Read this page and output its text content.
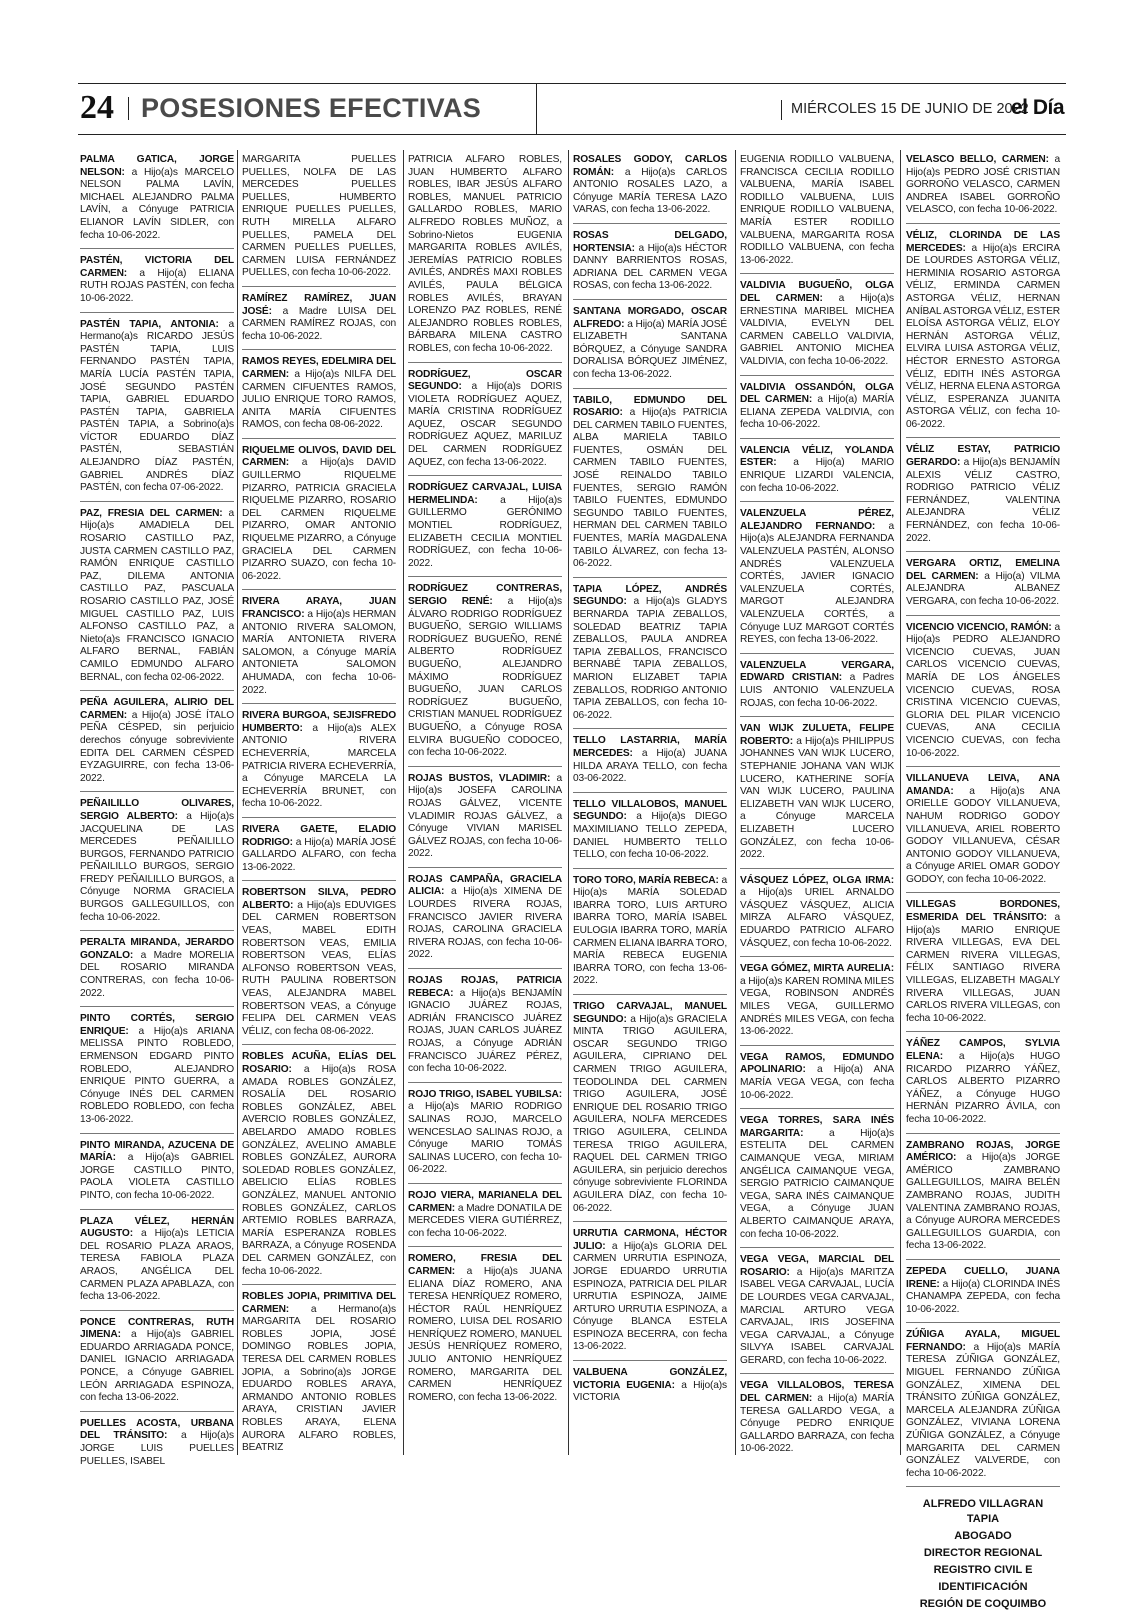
24 POSESIONES EFECTIVAS	MIÉRCOLES 15 DE JUNIO DE 2022
el Día
PALMA GATICA, JORGE NELSON: a Hijo(a)s MARCELO NELSON PALMA LAVÍN, MICHAEL ALEJANDRO PALMA LAVÍN, a Cónyuge PATRICIA ELIANOR LAVÍN SIDLER, con fecha 10-06-2022.
PASTÉN, VICTORIA DEL CARMEN: a Hijo(a) ELIANA RUTH ROJAS PASTÉN, con fecha 10-06-2022.
PASTÉN TAPIA, ANTONIA: a Hermano(a)s RICARDO JESÚS PASTÉN TAPIA, LUIS FERNANDO PASTÉN TAPIA, MARÍA LUCÍA PASTÉN TAPIA, JOSÉ SEGUNDO PASTÉN TAPIA, GABRIEL EDUARDO PASTÉN TAPIA, GABRIELA PASTÉN TAPIA, a Sobrino(a)s VÍCTOR EDUARDO DÍAZ PASTÉN, SEBASTIÁN ALEJANDRO DÍAZ PASTÉN, GABRIEL ANDRÉS DÍAZ PASTÉN, con fecha 07-06-2022.
PAZ, FRESIA DEL CARMEN: a Hijo(a)s AMADIELA DEL ROSARIO CASTILLO PAZ, JUSTA CARMEN CASTILLO PAZ, RAMÓN ENRIQUE CASTILLO PAZ, DILEMA ANTONIA CASTILLO PAZ, PASCUALA ROSARIO CASTILLO PAZ, JOSÉ MIGUEL CASTILLO PAZ, LUIS ALFONSO CASTILLO PAZ, a Nieto(a)s FRANCISCO IGNACIO ALFARO BERNAL, FABIÁN CAMILO EDMUNDO ALFARO BERNAL, con fecha 02-06-2022.
PEÑA AGUILERA, ALIRIO DEL CARMEN: a Hijo(a) JOSÉ ÍTALO PEÑA CÉSPED, sin perjuicio derechos cónyuge sobreviviente EDITA DEL CARMEN CÉSPED EYZAGUIRRE, con fecha 13-06-2022.
PEÑAILILLO OLIVARES, SERGIO ALBERTO: a Hijo(a)s JACQUELINA DE LAS MERCEDES PEÑAILILLO BURGOS, FERNANDO PATRICIO PEÑAILILLO BURGOS, SERGIO FREDY PEÑAILILLO BURGOS, a Cónyuge NORMA GRACIELA BURGOS GALLEGUILLOS, con fecha 10-06-2022.
PERALTA MIRANDA, JERARDO GONZALO: a Madre MORELIA DEL ROSARIO MIRANDA CONTRERAS, con fecha 10-06-2022.
PINTO CORTÉS, SERGIO ENRIQUE: a Hijo(a)s ARIANA MELISSA PINTO ROBLEDO, ERMENSON EDGARD PINTO ROBLEDO, ALEJANDRO ENRIQUE PINTO GUERRA, a Cónyuge INÉS DEL CARMEN ROBLEDO ROBLEDO, con fecha 13-06-2022.
PINTO MIRANDA, AZUCENA DE MARÍA: a Hijo(a)s GABRIEL JORGE CASTILLO PINTO, PAOLA VIOLETA CASTILLO PINTO, con fecha 10-06-2022.
PLAZA VÉLEZ, HERNÁN AUGUSTO: a Hijo(a)s LETICIA DEL ROSARIO PLAZA ARAOS, TERESA FABIOLA PLAZA ARAOS, ANGÉLICA DEL CARMEN PLAZA APABLAZA, con fecha 13-06-2022.
PONCE CONTRERAS, RUTH JIMENA: a Hijo(a)s GABRIEL EDUARDO ARRIAGADA PONCE, DANIEL IGNACIO ARRIAGADA PONCE, a Cónyuge GABRIEL LEÓN ARRIAGADA ESPINOZA, con fecha 13-06-2022.
PUELLES ACOSTA, URBANA DEL TRÁNSITO: a Hijo(a)s JORGE LUIS PUELLES PUELLES, ISABEL
MARGARITA PUELLES PUELLES, NOLFA DE LAS MERCEDES PUELLES PUELLES, HUMBERTO ENRIQUE PUELLES PUELLES, RUTH MIRELLA ALFARO PUELLES, PAMELA DEL CARMEN PUELLES PUELLES, CARMEN LUISA FERNÁNDEZ PUELLES, con fecha 10-06-2022.
RAMÍREZ RAMÍREZ, JUAN JOSÉ: a Madre LUISA DEL CARMEN RAMÍREZ ROJAS, con fecha 10-06-2022.
RAMOS REYES, EDELMIRA DEL CARMEN: a Hijo(a)s NILFA DEL CARMEN CIFUENTES RAMOS, JULIO ENRIQUE TORO RAMOS, ANITA MARÍA CIFUENTES RAMOS, con fecha 08-06-2022.
RIQUELME OLIVOS, DAVID DEL CARMEN: a Hijo(a)s DAVID GUILLERMO RIQUELME PIZARRO, PATRICIA GRACIELA RIQUELME PIZARRO, ROSARIO DEL CARMEN RIQUELME PIZARRO, OMAR ANTONIO RIQUELME PIZARRO, a Cónyuge GRACIELA DEL CARMEN PIZARRO SUAZO, con fecha 10-06-2022.
RIVERA ARAYA, JUAN FRANCISCO: a Hijo(a)s HERMAN ANTONIO RIVERA SALOMON, MARÍA ANTONIETA RIVERA SALOMON, a Cónyuge MARÍA ANTONIETA SALOMON AHUMADA, con fecha 10-06-2022.
RIVERA BURGOA, SEJISFREDO HUMBERTO: a Hijo(a)s ALEX ANTONIO RIVERA ECHEVERRÍA, MARCELA PATRICIA RIVERA ECHEVERRÍA, a Cónyuge MARCELA LA ECHEVERRÍA BRUNET, con fecha 10-06-2022.
RIVERA GAETE, ELADIO RODRIGO: a Hijo(a) MARÍA JOSÉ GALLARDO ALFARO, con fecha 13-06-2022.
ROBERTSON SILVA, PEDRO ALBERTO: a Hijo(a)s EDUVIGES DEL CARMEN ROBERTSON VEAS, MABEL EDITH ROBERTSON VEAS, EMILIA ROBERTSON VEAS, ELÍAS ALFONSO ROBERTSON VEAS, RUTH PAULINA ROBERTSON VEAS, ALEJANDRA MABEL ROBERTSON VEAS, a Cónyuge FELIPA DEL CARMEN VEAS VÉLIZ, con fecha 08-06-2022.
ROBLES ACUÑA, ELÍAS DEL ROSARIO: a Hijo(a)s ROSA AMADA ROBLES GONZÁLEZ, ROSALÍA DEL ROSARIO ROBLES GONZÁLEZ, ABEL AVERCIO ROBLES GONZÁLEZ, ABELARDO AMADO ROBLES GONZÁLEZ, AVELINO AMABLE ROBLES GONZÁLEZ, AURORA SOLEDAD ROBLES GONZÁLEZ, ABELICIO ELÍAS ROBLES GONZÁLEZ, MANUEL ANTONIO ROBLES GONZÁLEZ, CARLOS ARTEMIO ROBLES BARRAZA, MARÍA ESPERANZA ROBLES BARRAZA, a Cónyuge ROSENDA DEL CARMEN GONZÁLEZ, con fecha 10-06-2022.
ROBLES JOPIA, PRIMITIVA DEL CARMEN: a Hermano(a)s MARGARITA DEL ROSARIO ROBLES JOPIA, JOSÉ DOMINGO ROBLES JOPIA, TERESA DEL CARMEN ROBLES JOPIA, a Sobrino(a)s JORGE EDUARDO ROBLES ARAYA, ARMANDO ANTONIO ROBLES ARAYA, CRISTIAN JAVIER ROBLES ARAYA, ELENA AURORA ALFARO ROBLES, BEATRIZ
PATRICIA ALFARO ROBLES, JUAN HUMBERTO ALFARO ROBLES, IBAR JESÚS ALFARO ROBLES, MANUEL PATRICIO GALLARDO ROBLES, MARIO ALFREDO ROBLES MUÑOZ, a Sobrino-Nietos EUGENIA MARGARITA ROBLES AVILÉS, JEREMÍAS PATRICIO ROBLES AVILÉS, ANDRÉS MAXI ROBLES AVILÉS, PAULA BÉLGICA ROBLES AVILÉS, BRAYAN LORENZO PAZ ROBLES, RENÉ ALEJANDRO ROBLES ROBLES, BÁRBARA MILENA CASTRO ROBLES, con fecha 10-06-2022.
RODRÍGUEZ, OSCAR SEGUNDO: a Hijo(a)s DORIS VIOLETA RODRÍGUEZ AQUEZ, MARÍA CRISTINA RODRÍGUEZ AQUEZ, OSCAR SEGUNDO RODRÍGUEZ AQUEZ, MARILUZ DEL CARMEN RODRÍGUEZ AQUEZ, con fecha 13-06-2022.
RODRÍGUEZ CARVAJAL, LUISA HERMELINDA: a Hijo(a)s GUILLERMO GERÓNIMO MONTIEL RODRÍGUEZ, ELIZABETH CECILIA MONTIEL RODRÍGUEZ, con fecha 10-06-2022.
RODRÍGUEZ CONTRERAS, SERGIO RENÉ: a Hijo(a)s ÁLVARO RODRIGO RODRÍGUEZ BUGUEÑO, SERGIO WILLIAMS RODRÍGUEZ BUGUEÑO, RENÉ ALBERTO RODRÍGUEZ BUGUEÑO, ALEJANDRO MÁXIMO RODRÍGUEZ BUGUEÑO, JUAN CARLOS RODRÍGUEZ BUGUEÑO, CRISTIAN MANUEL RODRÍGUEZ BUGUEÑO, a Cónyuge ROSA ELVIRA BUGUEÑO CODOCEO, con fecha 10-06-2022.
ROJAS BUSTOS, VLADIMIR: a Hijo(a)s JOSEFA CAROLINA ROJAS GÁLVEZ, VICENTE VLADIMIR ROJAS GÁLVEZ, a Cónyuge VIVIAN MARISEL GÁLVEZ ROJAS, con fecha 10-06-2022.
ROJAS CAMPAÑA, GRACIELA ALICIA: a Hijo(a)s XIMENA DE LOURDES RIVERA ROJAS, FRANCISCO JAVIER RIVERA ROJAS, CAROLINA GRACIELA RIVERA ROJAS, con fecha 10-06-2022.
ROJAS ROJAS, PATRICIA REBECA: a Hijo(a)s BENJAMÍN IGNACIO JUÁREZ ROJAS, ADRIÁN FRANCISCO JUÁREZ ROJAS, JUAN CARLOS JUÁREZ ROJAS, a Cónyuge ADRIÁN FRANCISCO JUÁREZ PÉREZ, con fecha 10-06-2022.
ROJO TRIGO, ISABEL YUBILSA: a Hijo(a)s MARIO RODRIGO SALINAS ROJO, MARCELO WENCESLAO SALINAS ROJO, a Cónyuge MARIO TOMÁS SALINAS LUCERO, con fecha 10-06-2022.
ROJO VIERA, MARIANELA DEL CARMEN: a Madre DONATILA DE MERCEDES VIERA GUTIÉRREZ, con fecha 10-06-2022.
ROMERO, FRESIA DEL CARMEN: a Hijo(a)s JUANA ELIANA DÍAZ ROMERO, ANA TERESA HENRÍQUEZ ROMERO, HÉCTOR RAÚL HENRÍQUEZ ROMERO, LUISA DEL ROSARIO HENRÍQUEZ ROMERO, MANUEL JESÚS HENRÍQUEZ ROMERO, JULIO ANTONIO HENRÍQUEZ ROMERO, MARGARITA DEL CARMEN HENRÍQUEZ ROMERO, con fecha 13-06-2022.
ROSALES GODOY, CARLOS ROMÁN: a Hijo(a)s CARLOS ANTONIO ROSALES LAZO, a Cónyuge MARÍA TERESA LAZO VARAS, con fecha 13-06-2022.
ROSAS DELGADO, HORTENSIA: a Hijo(a)s HÉCTOR DANNY BARRIENTOS ROSAS, ADRIANA DEL CARMEN VEGA ROSAS, con fecha 13-06-2022.
SANTANA MORGADO, OSCAR ALFREDO: a Hijo(a) MARÍA JOSÉ ELIZABETH SANTANA BÓRQUEZ, a Cónyuge SANDRA DORALISA BÓRQUEZ JIMÉNEZ, con fecha 13-06-2022.
TABILO, EDMUNDO DEL ROSARIO: a Hijo(a)s PATRICIA DEL CARMEN TABILO FUENTES, ALBA MARIELA TABILO FUENTES, OSMÁN DEL CARMEN TABILO FUENTES, JOSÉ REINALDO TABILO FUENTES, SERGIO RAMÓN TABILO FUENTES, EDMUNDO SEGUNDO TABILO FUENTES, HERMAN DEL CARMEN TABILO FUENTES, MARÍA MAGDALENA TABILO ÁLVAREZ, con fecha 13-06-2022.
TAPIA LÓPEZ, ANDRÉS SEGUNDO: a Hijo(a)s GLADYS BERNARDA TAPIA ZEBALLOS, SOLEDAD BEATRIZ TAPIA ZEBALLOS, PAULA ANDREA TAPIA ZEBALLOS, FRANCISCO BERNABÉ TAPIA ZEBALLOS, MARION ELIZABET TAPIA ZEBALLOS, RODRIGO ANTONIO TAPIA ZEBALLOS, con fecha 10-06-2022.
TELLO LASTARRIA, MARÍA MERCEDES: a Hijo(a) JUANA HILDA ARAYA TELLO, con fecha 03-06-2022.
TELLO VILLALOBOS, MANUEL SEGUNDO: a Hijo(a)s DIEGO MAXIMILIANO TELLO ZEPEDA, DANIEL HUMBERTO TELLO TELLO, con fecha 10-06-2022.
TORO TORO, MARÍA REBECA: a Hijo(a)s MARÍA SOLEDAD IBARRA TORO, LUIS ARTURO IBARRA TORO, MARÍA ISABEL EULOGIA IBARRA TORO, MARÍA CARMEN ELIANA IBARRA TORO, MARÍA REBECA EUGENIA IBARRA TORO, con fecha 13-06-2022.
TRIGO CARVAJAL, MANUEL SEGUNDO: a Hijo(a)s GRACIELA MINTA TRIGO AGUILERA, OSCAR SEGUNDO TRIGO AGUILERA, CIPRIANO DEL CARMEN TRIGO AGUILERA, TEODOLINDA DEL CARMEN TRIGO AGUILERA, JOSÉ ENRIQUE DEL ROSARIO TRIGO AGUILERA, NOLFA MERCEDES TRIGO AGUILERA, CELINDA TERESA TRIGO AGUILERA, RAQUEL DEL CARMEN TRIGO AGUILERA, sin perjuicio derechos cónyuge sobreviviente FLORINDA AGUILERA DÍAZ, con fecha 10-06-2022.
URRUTIA CARMONA, HÉCTOR JULIO: a Hijo(a)s GLORIA DEL CARMEN URRUTIA ESPINOZA, JORGE EDUARDO URRUTIA ESPINOZA, PATRICIA DEL PILAR URRUTIA ESPINOZA, JAIME ARTURO URRUTIA ESPINOZA, a Cónyuge BLANCA ESTELA ESPINOZA BECERRA, con fecha 13-06-2022.
VALBUENA GONZÁLEZ, VICTORIA EUGENIA: a Hijo(a)s VICTORIA
EUGENIA RODILLO VALBUENA, FRANCISCA CECILIA RODILLO VALBUENA, MARÍA ISABEL RODILLO VALBUENA, LUIS ENRIQUE RODILLO VALBUENA, MARÍA ESTER RODILLO VALBUENA, MARGARITA ROSA RODILLO VALBUENA, con fecha 13-06-2022.
VALDIVIA BUGUEÑO, OLGA DEL CARMEN: a Hijo(a)s ERNESTINA MARIBEL MICHEA VALDIVIA, EVELYN DEL CARMEN CABELLO VALDIVIA, GABRIEL ANTONIO MICHEA VALDIVIA, con fecha 10-06-2022.
VALDIVIA OSSANDÓN, OLGA DEL CARMEN: a Hijo(a) MARÍA ELIANA ZEPEDA VALDIVIA, con fecha 10-06-2022.
VALENCIA VÉLIZ, YOLANDA ESTER: a Hijo(a) MARIO ENRIQUE LIZARDI VALENCIA, con fecha 10-06-2022.
VALENZUELA PÉREZ, ALEJANDRO FERNANDO: a Hijo(a)s ALEJANDRA FERNANDA VALENZUELA PASTÉN, ALONSO ANDRÉS VALENZUELA CORTÉS, JAVIER IGNACIO VALENZUELA CORTÉS, MARGOT ALEJANDRA VALENZUELA CORTÉS, a Cónyuge LUZ MARGOT CORTÉS REYES, con fecha 13-06-2022.
VALENZUELA VERGARA, EDWARD CRISTIAN: a Padres LUIS ANTONIO VALENZUELA ROJAS, con fecha 10-06-2022.
VAN WIJK ZULUETA, FELIPE ROBERTO: a Hijo(a)s PHILIPPUS JOHANNES VAN WIJK LUCERO, STEPHANIE JOHANA VAN WIJK LUCERO, KATHERINE SOFÍA VAN WIJK LUCERO, PAULINA ELIZABETH VAN WIJK LUCERO, a Cónyuge MARCELA ELIZABETH LUCERO GONZÁLEZ, con fecha 10-06-2022.
VÁSQUEZ LÓPEZ, OLGA IRMA: a Hijo(a)s URIEL ARNALDO VÁSQUEZ VÁSQUEZ, ALICIA MIRZA ALFARO VÁSQUEZ, EDUARDO PATRICIO ALFARO VÁSQUEZ, con fecha 10-06-2022.
VEGA GÓMEZ, MIRTA AURELIA: a Hijo(a)s KAREN ROMINA MILES VEGA, ROBINSON ANDRÉS MILES VEGA, GUILLERMO ANDRÉS MILES VEGA, con fecha 13-06-2022.
VEGA RAMOS, EDMUNDO APOLINARIO: a Hijo(a) ANA MARÍA VEGA VEGA, con fecha 10-06-2022.
VEGA TORRES, SARA INÉS MARGARITA: a Hijo(a)s ESTELITA DEL CARMEN CAIMANQUE VEGA, MIRIAM ANGÉLICA CAIMANQUE VEGA, SERGIO PATRICIO CAIMANQUE VEGA, SARA INÉS CAIMANQUE VEGA, a Cónyuge JUAN ALBERTO CAIMANQUE ARAYA, con fecha 10-06-2022.
VEGA VEGA, MARCIAL DEL ROSARIO: a Hijo(a)s MARITZA ISABEL VEGA CARVAJAL, LUCÍA DE LOURDES VEGA CARVAJAL, MARCIAL ARTURO VEGA CARVAJAL, IRIS JOSEFINA VEGA CARVAJAL, a Cónyuge SILVYA ISABEL CARVAJAL GERARD, con fecha 10-06-2022.
VEGA VILLALOBOS, TERESA DEL CARMEN: a Hijo(a) MARÍA TERESA GALLARDO VEGA, a Cónyuge PEDRO ENRIQUE GALLARDO BARRAZA, con fecha 10-06-2022.
VELASCO BELLO, CARMEN: a Hijo(a)s PEDRO JOSÉ CRISTIAN GORROÑO VELASCO, CARMEN ANDREA ISABEL GORROÑO VELASCO, con fecha 10-06-2022.
VÉLIZ, CLORINDA DE LAS MERCEDES: a Hijo(a)s ERCIRA DE LOURDES ASTORGA VÉLIZ, HERMINIA ROSARIO ASTORGA VÉLIZ, ERMINDA CARMEN ASTORGA VÉLIZ, HERNAN ANÍBAL ASTORGA VÉLIZ, ESTER ELOÍSA ASTORGA VÉLIZ, ELOY HERNÁN ASTORGA VÉLIZ, ELVIRA LUISA ASTORGA VÉLIZ, HÉCTOR ERNESTO ASTORGA VÉLIZ, EDITH INÉS ASTORGA VÉLIZ, HERNA ELENA ASTORGA VÉLIZ, ESPERANZA JUANITA ASTORGA VÉLIZ, con fecha 10-06-2022.
VÉLIZ ESTAY, PATRICIO GERARDO: a Hijo(a)s BENJAMÍN ALEXIS VÉLIZ CASTRO, RODRIGO PATRICIO VÉLIZ FERNÁNDEZ, VALENTINA ALEJANDRA VÉLIZ FERNÁNDEZ, con fecha 10-06-2022.
VERGARA ORTIZ, EMELINA DEL CARMEN: a Hijo(a) VILMA ALEJANDRA ALBANEZ VERGARA, con fecha 10-06-2022.
VICENCIO VICENCIO, RAMÓN: a Hijo(a)s PEDRO ALEJANDRO VICENCIO CUEVAS, JUAN CARLOS VICENCIO CUEVAS, MARÍA DE LOS ÁNGELES VICENCIO CUEVAS, ROSA CRISTINA VICENCIO CUEVAS, GLORIA DEL PILAR VICENCIO CUEVAS, ANA CECILIA VICENCIO CUEVAS, con fecha 10-06-2022.
VILLANUEVA LEIVA, ANA AMANDA: a Hijo(a)s ANA ORIELLE GODOY VILLANUEVA, NAHUM RODRIGO GODOY VILLANUEVA, ARIEL ROBERTO GODOY VILLANUEVA, CÉSAR ANTONIO GODOY VILLANUEVA, a Cónyuge ARIEL OMAR GODOY GODOY, con fecha 10-06-2022.
VILLEGAS BORDONES, ESMERIDA DEL TRÁNSITO: a Hijo(a)s MARIO ENRIQUE RIVERA VILLEGAS, EVA DEL CARMEN RIVERA VILLEGAS, FÉLIX SANTIAGO RIVERA VILLEGAS, ELIZABETH MAGALY RIVERA VILLEGAS, JUAN CARLOS RIVERA VILLEGAS, con fecha 10-06-2022.
YÁÑEZ CAMPOS, SYLVIA ELENA: a Hijo(a)s HUGO RICARDO PIZARRO YÁÑEZ, CARLOS ALBERTO PIZARRO YÁÑEZ, a Cónyuge HUGO HERNÁN PIZARRO ÁVILA, con fecha 10-06-2022.
ZAMBRANO ROJAS, JORGE AMÉRICO: a Hijo(a)s JORGE AMÉRICO ZAMBRANO GALLEGUILLOS, MAIRA BELÉN ZAMBRANO ROJAS, JUDITH VALENTINA ZAMBRANO ROJAS, a Cónyuge AURORA MERCEDES GALLEGUILLOS GUARDIA, con fecha 13-06-2022.
ZEPEDA CUELLO, JUANA IRENE: a Hijo(a) CLORINDA INÉS CHANAMPA ZEPEDA, con fecha 10-06-2022.
ZÚÑIGA AYALA, MIGUEL FERNANDO: a Hijo(a)s MARÍA TERESA ZÚÑIGA GONZÁLEZ, MIGUEL FERNANDO ZÚÑIGA GONZÁLEZ, XIMENA DEL TRÁNSITO ZÚÑIGA GONZÁLEZ, MARCELA ALEJANDRA ZÚÑIGA GONZÁLEZ, VIVIANA LORENA ZÚÑIGA GONZÁLEZ, a Cónyuge MARGARITA DEL CARMEN GONZÁLEZ VALVERDE, con fecha 10-06-2022.
ALFREDO VILLAGRAN TAPIA
ABOGADO
DIRECTOR REGIONAL
REGISTRO CIVIL E
IDENTIFICACIÓN
REGIÓN DE COQUIMBO
